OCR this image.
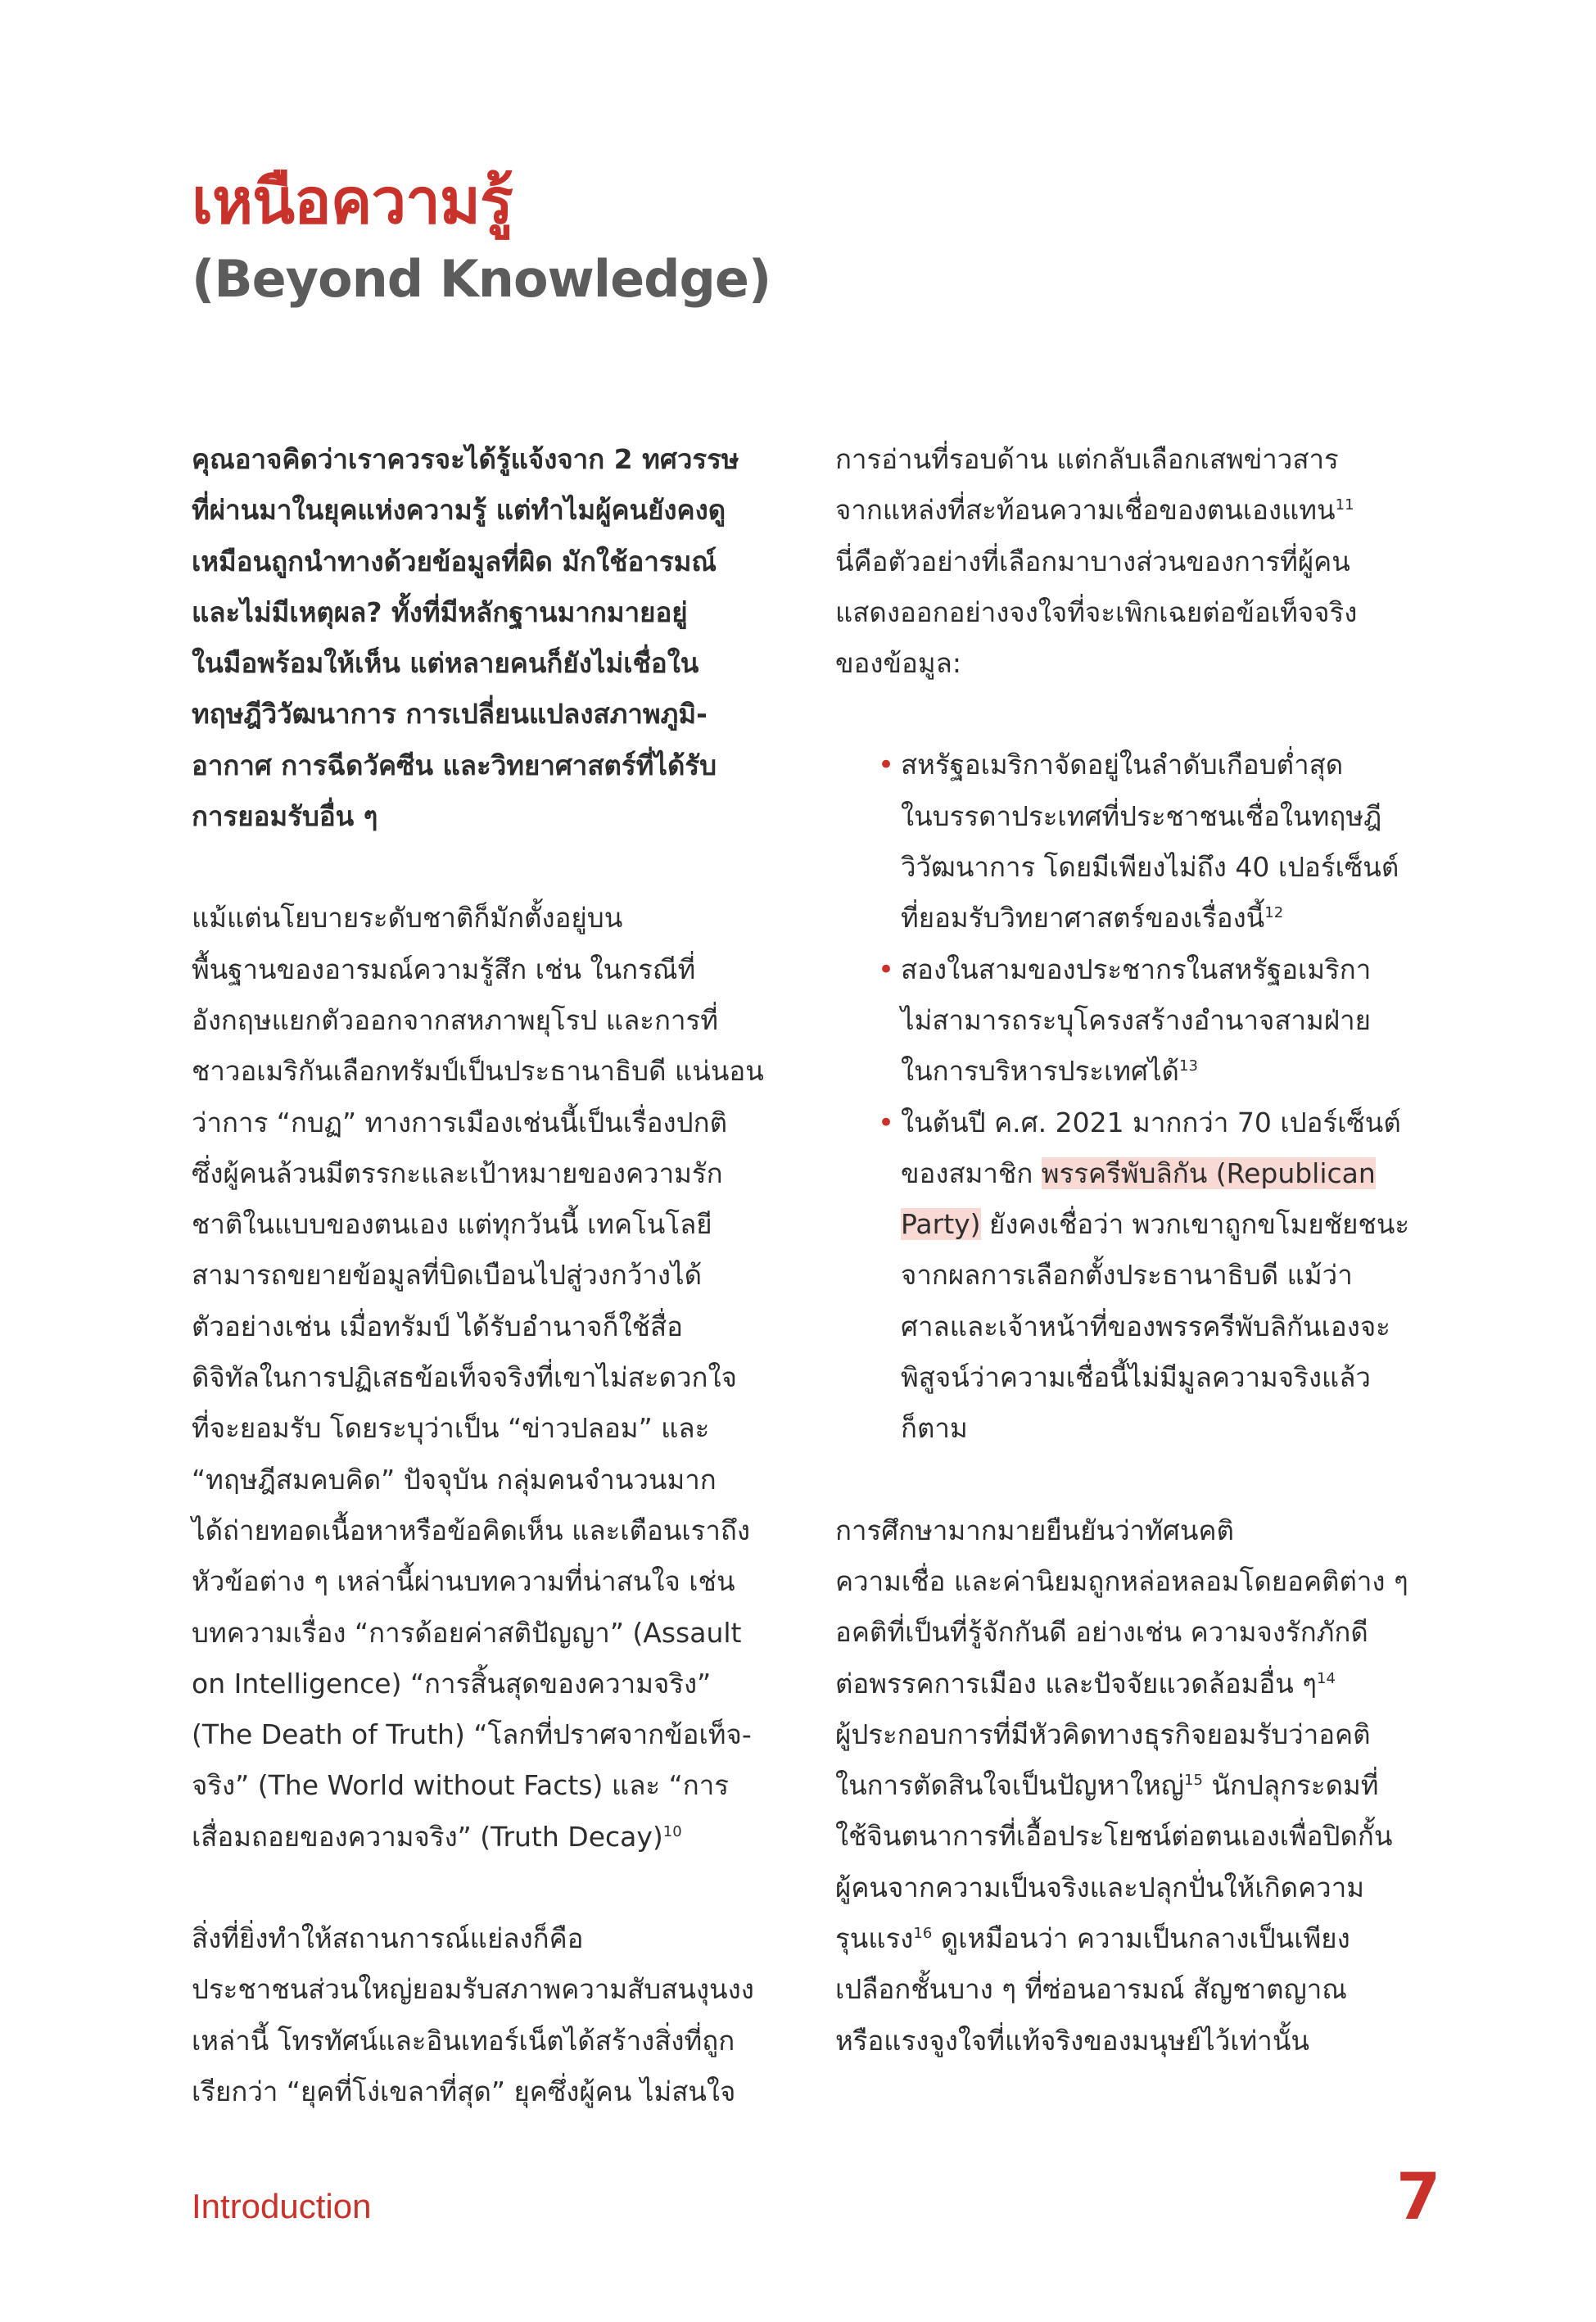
เหนือความรู้
(Beyond Knowledge)

คุณอาจคิดว่าเราควรจะได้รู้แจ้งจาก 2 ทศวรรษ
ที่ผ่านมาในยุคแห่งความรู้ แต่ทำไมผู้คนยังคงดู
เหมือนถูกนำทางด้วยข้อมูลที่ผิด มักใช้อารมณ์
และไม่มีเหตุผล? ทั้งที่มีหลักฐานมากมายอยู่
ในมือพร้อมให้เห็น แต่หลายคนก็ยังไม่เชื่อใน
ทฤษฎีวิวัฒนาการ การเปลี่ยนแปลงสภาพภูมิ-
อากาศ การฉีดวัคซีน และวิทยาศาสตร์ที่ได้รับ
การยอมรับอื่น ๆ

แม้แต่นโยบายระดับชาติก็มักตั้งอยู่บน
พื้นฐานของอารมณ์ความรู้สึก เช่น ในกรณีที่
อังกฤษแยกตัวออกจากสหภาพยุโรป และการที่
ชาวอเมริกันเลือกทรัมป์เป็นประธานาธิบดี แน่นอน
ว่าการ “กบฏ” ทางการเมืองเช่นนี้เป็นเรื่องปกติ
ซึ่งผู้คนล้วนมีตรรกะและเป้าหมายของความรัก
ชาติในแบบของตนเอง แต่ทุกวันนี้ เทคโนโลยี
สามารถขยายข้อมูลที่บิดเบือนไปสู่วงกว้างได้
ตัวอย่างเช่น เมื่อทรัมป์ ได้รับอำนาจก็ใช้สื่อ
ดิจิทัลในการปฏิเสธข้อเท็จจริงที่เขาไม่สะดวกใจ
ที่จะยอมรับ โดยระบุว่าเป็น “ข่าวปลอม” และ
“ทฤษฎีสมคบคิด” ปัจจุบัน กลุ่มคนจำนวนมาก
ได้ถ่ายทอดเนื้อหาหรือข้อคิดเห็น และเตือนเราถึง
หัวข้อต่าง ๆ เหล่านี้ผ่านบทความที่น่าสนใจ เช่น
บทความเรื่อง “การด้อยค่าสติปัญญา” (Assault
on Intelligence) “การสิ้นสุดของความจริง”
(The Death of Truth) “โลกที่ปราศจากข้อเท็จ-
จริง” (The World without Facts) และ “การ
เสื่อมถอยของความจริง” (Truth Decay)$^{10}$

สิ่งที่ยิ่งทำให้สถานการณ์แย่ลงก็คือ
ประชาชนส่วนใหญ่ยอมรับสภาพความสับสนงุนงง
เหล่านี้ โทรทัศน์และอินเทอร์เน็ตได้สร้างสิ่งที่ถูก
เรียกว่า “ยุคที่โง่เขลาที่สุด” ยุคซึ่งผู้คน ไม่สนใจ

การอ่านที่รอบด้าน แต่กลับเลือกเสพข่าวสาร
จากแหล่งที่สะท้อนความเชื่อของตนเองแทน$^{11}$
นี่คือตัวอย่างที่เลือกมาบางส่วนของการที่ผู้คน
แสดงออกอย่างจงใจที่จะเพิกเฉยต่อข้อเท็จจริง
ของข้อมูล:

• สหรัฐอเมริกาจัดอยู่ในลำดับเกือบต่ำสุด
ในบรรดาประเทศที่ประชาชนเชื่อในทฤษฎี
วิวัฒนาการ โดยมีเพียงไม่ถึง 40 เปอร์เซ็นต์
ที่ยอมรับวิทยาศาสตร์ของเรื่องนี้$^{12}$
• สองในสามของประชากรในสหรัฐอเมริกา
ไม่สามารถระบุโครงสร้างอำนาจสามฝ่าย
ในการบริหารประเทศได้$^{13}$
• ในต้นปี ค.ศ. 2021 มากกว่า 70 เปอร์เซ็นต์
ของสมาชิก พรรครีพับลิกัน (Republican
Party) ยังคงเชื่อว่า พวกเขาถูกขโมยชัยชนะ
จากผลการเลือกตั้งประธานาธิบดี แม้ว่า
ศาลและเจ้าหน้าที่ของพรรครีพับลิกันเองจะ
พิสูจน์ว่าความเชื่อนี้ไม่มีมูลความจริงแล้ว
ก็ตาม

การศึกษามากมายยืนยันว่าทัศนคติ
ความเชื่อ และค่านิยมถูกหล่อหลอมโดยอคติต่าง ๆ
อคติที่เป็นที่รู้จักกันดี อย่างเช่น ความจงรักภักดี
ต่อพรรคการเมือง และปัจจัยแวดล้อมอื่น ๆ$^{14}$
ผู้ประกอบการที่มีหัวคิดทางธุรกิจยอมรับว่าอคติ
ในการตัดสินใจเป็นปัญหาใหญ่$^{15}$ นักปลุกระดมที่
ใช้จินตนาการที่เอื้อประโยชน์ต่อตนเองเพื่อปิดกั้น
ผู้คนจากความเป็นจริงและปลุกปั่นให้เกิดความ
รุนแรง$^{16}$ ดูเหมือนว่า ความเป็นกลางเป็นเพียง
เปลือกชั้นบาง ๆ ที่ซ่อนอารมณ์ สัญชาตญาณ
หรือแรงจูงใจที่แท้จริงของมนุษย์ไว้เท่านั้น

Introduction	7
